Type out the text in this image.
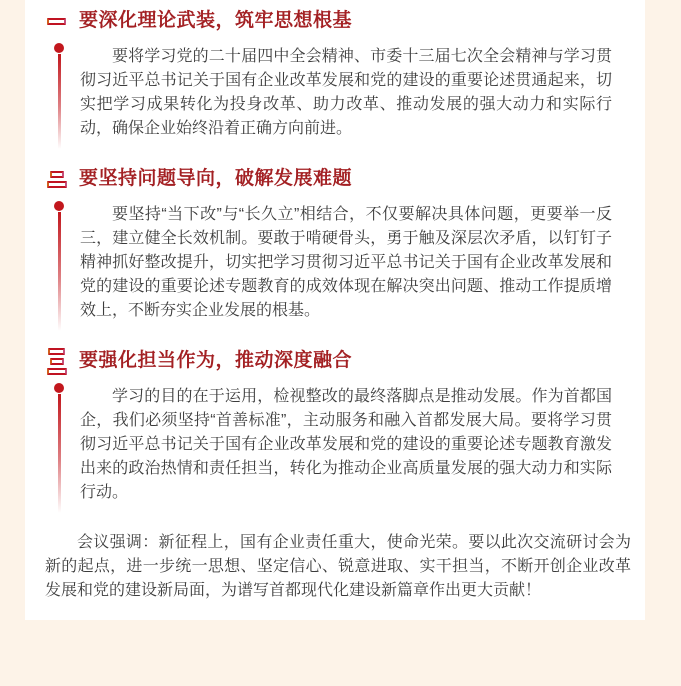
要深化理论武装，筑牢思想根基

要将学习党的二十届四中全会精神、市委十三届七次全会精神与学习贯彻习近平总书记关于国有企业改革发展和党的建设的重要论述贯通起来，切实把学习成果转化为投身改革、助力改革、推动发展的强大动力和实际行动，确保企业始终沿着正确方向前进。

要坚持问题导向，破解发展难题

要坚持“当下改”与“长久立”相结合，不仅要解决具体问题，更要举一反三，建立健全长效机制。要敢于啃硬骨头，勇于触及深层次矛盾，以钉钉子精神抓好整改提升，切实把学习贯彻习近平总书记关于国有企业改革发展和党的建设的重要论述专题教育的成效体现在解决突出问题、推动工作提质增效上，不断夯实企业发展的根基。

要强化担当作为，推动深度融合

学习的目的在于运用，检视整改的最终落脚点是推动发展。作为首都国企，我们必须坚持“首善标准”，主动服务和融入首都发展大局。要将学习贯彻习近平总书记关于国有企业改革发展和党的建设的重要论述专题教育激发出来的政治热情和责任担当，转化为推动企业高质量发展的强大动力和实际行动。

会议强调：新征程上，国有企业责任重大，使命光荣。要以此次交流研讨会为新的起点，进一步统一思想、坚定信心、锐意进取、实干担当，不断开创企业改革发展和党的建设新局面，为谱写首都现代化建设新篇章作出更大贡献！
